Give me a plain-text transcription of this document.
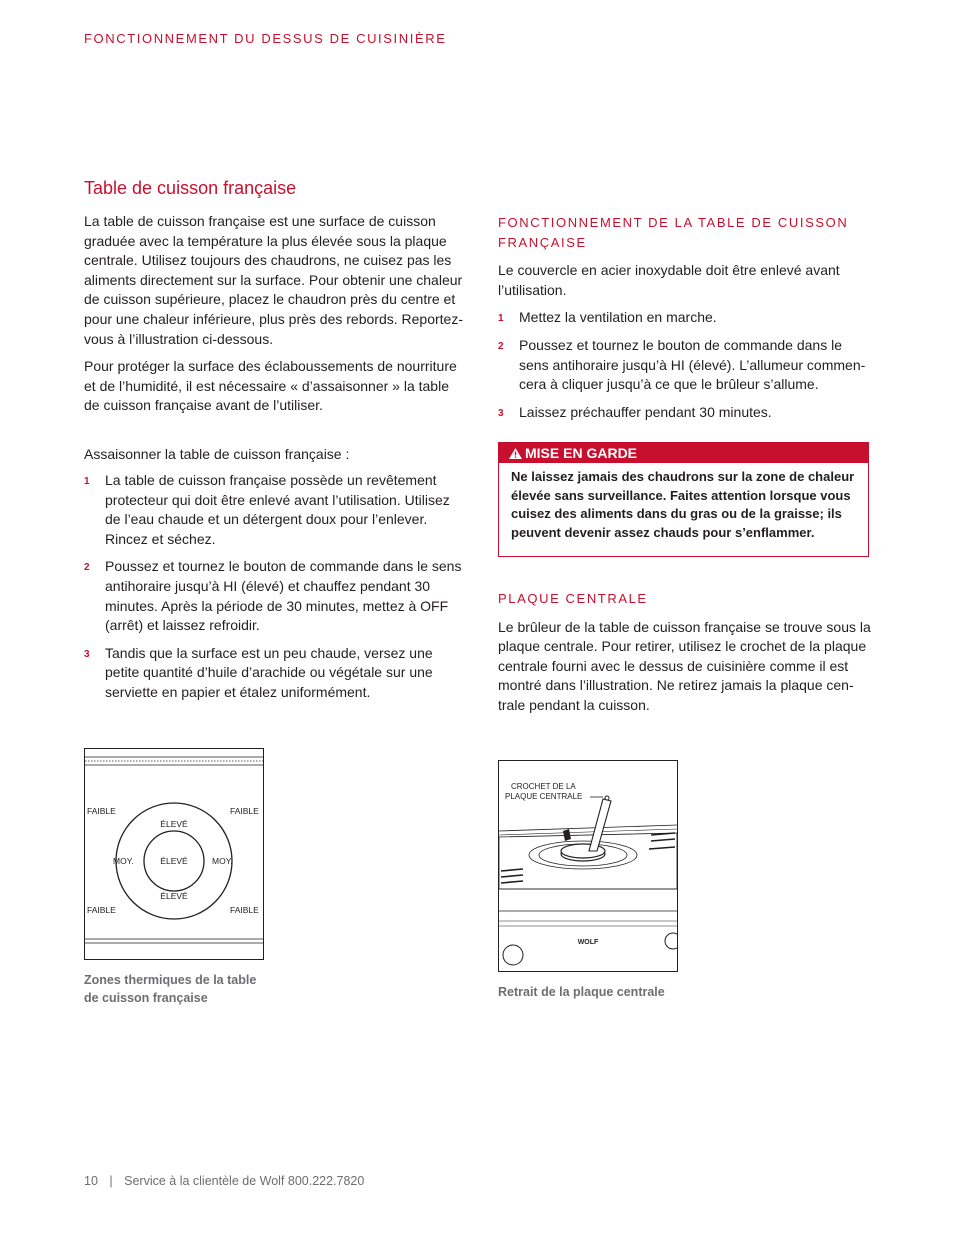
FONCTIONNEMENT DU DESSUS DE CUISINIÈRE
Table de cuisson française

La table de cuisson française est une surface de cuisson graduée avec la température la plus élevée sous la plaque centrale. Utilisez toujours des chaudrons, ne cuisez pas les aliments directement sur la surface. Pour obtenir une chaleur de cuisson supérieure, placez le chaudron près du centre et pour une chaleur inférieure, plus près des rebords. Reportez-vous à l’illustration ci-dessous.

Pour protéger la surface des éclaboussements de nourriture et de l’humidité, il est nécessaire « d’assaisonner » la table de cuisson française avant de l’utiliser.

Assaisonner la table de cuisson française :
1 La table de cuisson française possède un revêtement protecteur qui doit être enlevé avant l’utilisation. Utilisez de l’eau chaude et un détergent doux pour l’enlever. Rincez et séchez.
2 Poussez et tournez le bouton de commande dans le sens antihoraire jusqu’à HI (élevé) et chauffez pendant 30 minutes. Après la période de 30 minutes, mettez à OFF (arrêt) et laissez refroidir.
3 Tandis que la surface est un peu chaude, versez une petite quantité d’huile d’arachide ou végétale sur une serviette en papier et étalez uniformément.
FONCTIONNEMENT DE LA TABLE DE CUISSON FRANÇAISE

Le couvercle en acier inoxydable doit être enlevé avant l’utilisation.

1 Mettez la ventilation en marche.
2 Poussez et tournez le bouton de commande dans le sens antihoraire jusqu’à HI (élevé). L’allumeur commencera à cliquer jusqu’à ce que le brûleur s’allume.
3 Laissez préchauffer pendant 30 minutes.
MISE EN GARDE
Ne laissez jamais des chaudrons sur la zone de chaleur élevée sans surveillance. Faites attention lorsque vous cuisez des aliments dans du gras ou de la graisse; ils peuvent devenir assez chauds pour s’enflammer.
PLAQUE CENTRALE

Le brûleur de la table de cuisson française se trouve sous la plaque centrale. Pour retirer, utilisez le crochet de la plaque centrale fourni avec le dessus de cuisinière comme il est montré dans l’illustration. Ne retirez jamais la plaque centrale pendant la cuisson.

FAIBLE	FAIBLE
FAIBLE	FAIBLE
ÉLEVÉ
ÉLEVÉ
ÉLEVÉ
MOY.	MOY.
Zones thermiques de la table
de cuisson française
CROCHET DE LA
PLAQUE CENTRALE
WOLF
Retrait de la plaque centrale
10 | Service à la clientèle de Wolf 800.222.7820
